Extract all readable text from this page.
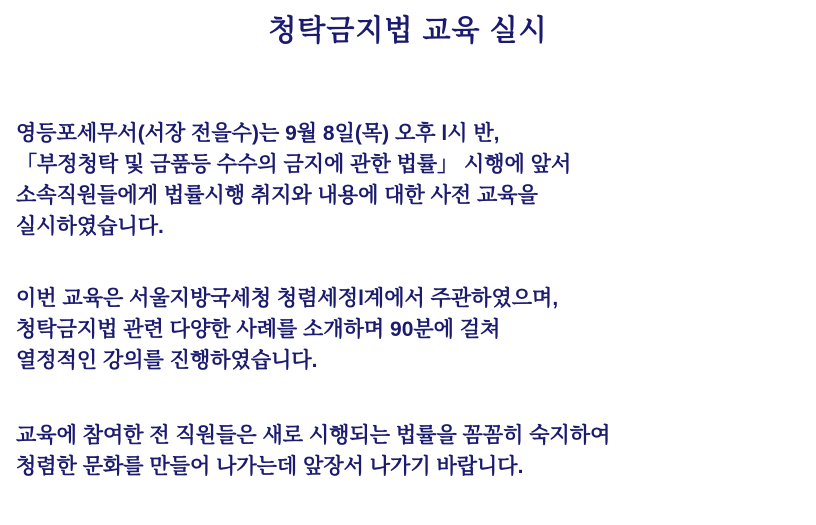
청탁금지법 교육 실시

영등포세무서(서장 전을수)는 9월 8일(목) 오후 l시 반,

「부정청탁 및 금품등 수수의 금지에 관한 법률」 시행에 앞서

소속직원들에게 법률시행 취지와 내용에 대한 사전 교육을

실시하였습니다.

이번 교육은 서울지방국세청 청렴세정l계에서 주관하였으며,

청탁금지법 관련 다양한 사례를 소개하며 90분에 걸쳐

열정적인 강의를 진행하였습니다.

교육에 참여한 전 직원들은 새로 시행되는 법률을 꼼꼼히 숙지하여

청렴한 문화를 만들어 나가는데 앞장서 나가기 바랍니다.
